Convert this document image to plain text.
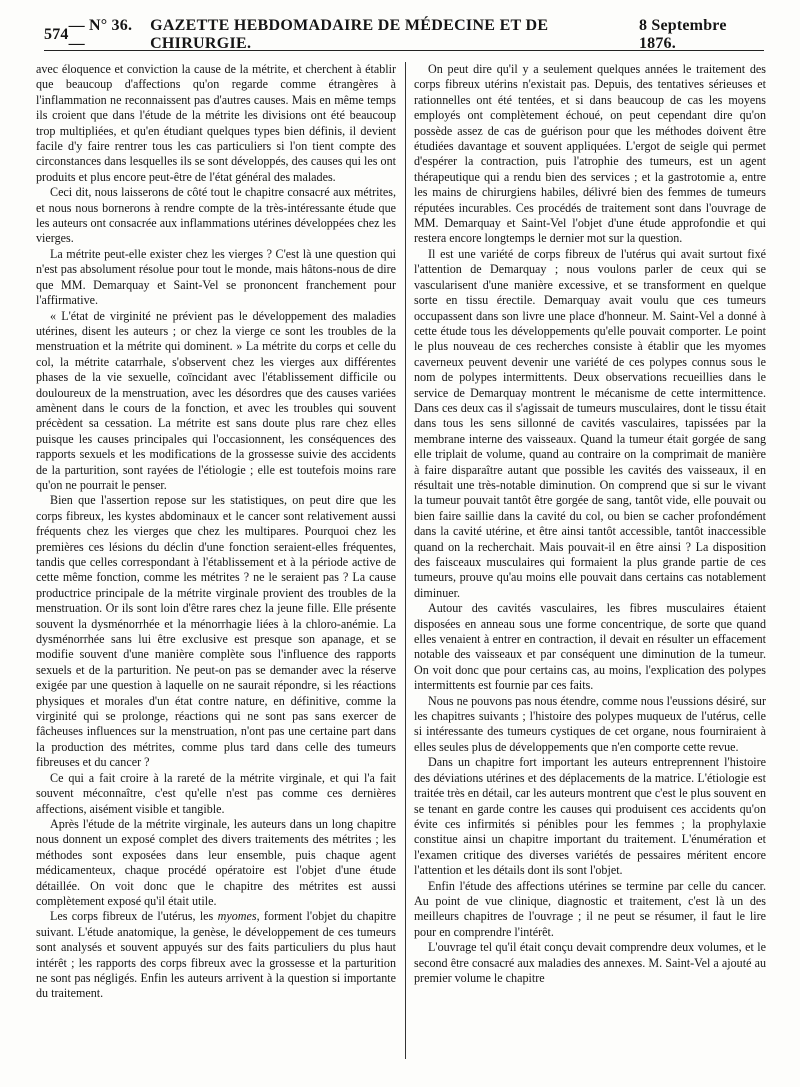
574
— N° 36. —
GAZETTE HEBDOMADAIRE DE MÉDECINE ET DE CHIRURGIE.
8 Septembre 1876.

avec éloquence et conviction la cause de la métrite, et cherchent à établir que beaucoup d'affections qu'on regarde comme étrangères à l'inflammation ne reconnaissent pas d'autres causes. Mais en même temps ils croient que dans l'étude de la métrite les divisions ont été beaucoup trop multipliées, et qu'en étudiant quelques types bien définis, il devient facile d'y faire rentrer tous les cas particuliers si l'on tient compte des circonstances dans lesquelles ils se sont développés, des causes qui les ont produits et plus encore peut-être de l'état général des malades.

Ceci dit, nous laisserons de côté tout le chapitre consacré aux métrites, et nous nous bornerons à rendre compte de la très-intéressante étude que les auteurs ont consacrée aux inflammations utérines développées chez les vierges.

La métrite peut-elle exister chez les vierges ? C'est là une question qui n'est pas absolument résolue pour tout le monde, mais hâtons-nous de dire que MM. Demarquay et Saint-Vel se prononcent franchement pour l'affirmative.

« L'état de virginité ne prévient pas le développement des maladies utérines, disent les auteurs ; or chez la vierge ce sont les troubles de la menstruation et la métrite qui dominent. » La métrite du corps et celle du col, la métrite catarrhale, s'observent chez les vierges aux différentes phases de la vie sexuelle, coïncidant avec l'établissement difficile ou douloureux de la menstruation, avec les désordres que des causes variées amènent dans le cours de la fonction, et avec les troubles qui souvent précèdent sa cessation. La métrite est sans doute plus rare chez elles puisque les causes principales qui l'occasionnent, les conséquences des rapports sexuels et les modifications de la grossesse suivie des accidents de la parturition, sont rayées de l'étiologie ; elle est toutefois moins rare qu'on ne pourrait le penser.

Bien que l'assertion repose sur les statistiques, on peut dire que les corps fibreux, les kystes abdominaux et le cancer sont relativement aussi fréquents chez les vierges que chez les multipares. Pourquoi chez les premières ces lésions du déclin d'une fonction seraient-elles fréquentes, tandis que celles correspondant à l'établissement et à la période active de cette même fonction, comme les métrites ? ne le seraient pas ? La cause productrice principale de la métrite virginale provient des troubles de la menstruation. Or ils sont loin d'être rares chez la jeune fille. Elle présente souvent la dysménorrhée et la ménorrhagie liées à la chloro-anémie. La dysménorrhée sans lui être exclusive est presque son apanage, et se modifie souvent d'une manière complète sous l'influence des rapports sexuels et de la parturition. Ne peut-on pas se demander avec la réserve exigée par une question à laquelle on ne saurait répondre, si les réactions physiques et morales d'un état contre nature, en définitive, comme la virginité qui se prolonge, réactions qui ne sont pas sans exercer de fâcheuses influences sur la menstruation, n'ont pas une certaine part dans la production des métrites, comme plus tard dans celle des tumeurs fibreuses et du cancer ?

Ce qui a fait croire à la rareté de la métrite virginale, et qui l'a fait souvent méconnaître, c'est qu'elle n'est pas comme ces dernières affections, aisément visible et tangible.

Après l'étude de la métrite virginale, les auteurs dans un long chapitre nous donnent un exposé complet des divers traitements des métrites ; les méthodes sont exposées dans leur ensemble, puis chaque agent médicamenteux, chaque procédé opératoire est l'objet d'une étude détaillée. On voit donc que le chapitre des métrites est aussi complètement exposé qu'il était utile.

Les corps fibreux de l'utérus, les myomes, forment l'objet du chapitre suivant. L'étude anatomique, la genèse, le développement de ces tumeurs sont analysés et souvent appuyés sur des faits particuliers du plus haut intérêt ; les rapports des corps fibreux avec la grossesse et la parturition ne sont pas négligés. Enfin les auteurs arrivent à la question si importante du traitement.

On peut dire qu'il y a seulement quelques années le traitement des corps fibreux utérins n'existait pas. Depuis, des tentatives sérieuses et rationnelles ont été tentées, et si dans beaucoup de cas les moyens employés ont complètement échoué, on peut cependant dire qu'on possède assez de cas de guérison pour que les méthodes doivent être étudiées davantage et souvent appliquées. L'ergot de seigle qui permet d'espérer la contraction, puis l'atrophie des tumeurs, est un agent thérapeutique qui a rendu bien des services ; et la gastrotomie a, entre les mains de chirurgiens habiles, délivré bien des femmes de tumeurs réputées incurables. Ces procédés de traitement sont dans l'ouvrage de MM. Demarquay et Saint-Vel l'objet d'une étude approfondie et qui restera encore longtemps le dernier mot sur la question.

Il est une variété de corps fibreux de l'utérus qui avait surtout fixé l'attention de Demarquay ; nous voulons parler de ceux qui se vascularisent d'une manière excessive, et se transforment en quelque sorte en tissu érectile. Demarquay avait voulu que ces tumeurs occupassent dans son livre une place d'honneur. M. Saint-Vel a donné à cette étude tous les développements qu'elle pouvait comporter. Le point le plus nouveau de ces recherches consiste à établir que les myomes caverneux peuvent devenir une variété de ces polypes connus sous le nom de polypes intermittents. Deux observations recueillies dans le service de Demarquay montrent le mécanisme de cette intermittence. Dans ces deux cas il s'agissait de tumeurs musculaires, dont le tissu était dans tous les sens sillonné de cavités vasculaires, tapissées par la membrane interne des vaisseaux. Quand la tumeur était gorgée de sang elle triplait de volume, quand au contraire on la comprimait de manière à faire disparaître autant que possible les cavités des vaisseaux, il en résultait une très-notable diminution. On comprend que si sur le vivant la tumeur pouvait tantôt être gorgée de sang, tantôt vide, elle pouvait ou bien faire saillie dans la cavité du col, ou bien se cacher profondément dans la cavité utérine, et être ainsi tantôt accessible, tantôt inaccessible quand on la recherchait. Mais pouvait-il en être ainsi ? La disposition des faisceaux musculaires qui formaient la plus grande partie de ces tumeurs, prouve qu'au moins elle pouvait dans certains cas notablement diminuer.

Autour des cavités vasculaires, les fibres musculaires étaient disposées en anneau sous une forme concentrique, de sorte que quand elles venaient à entrer en contraction, il devait en résulter un effacement notable des vaisseaux et par conséquent une diminution de la tumeur. On voit donc que pour certains cas, au moins, l'explication des polypes intermittents est fournie par ces faits.

Nous ne pouvons pas nous étendre, comme nous l'eussions désiré, sur les chapitres suivants ; l'histoire des polypes muqueux de l'utérus, celle si intéressante des tumeurs cystiques de cet organe, nous fourniraient à elles seules plus de développements que n'en comporte cette revue.

Dans un chapitre fort important les auteurs entreprennent l'histoire des déviations utérines et des déplacements de la matrice. L'étiologie est traitée très en détail, car les auteurs montrent que c'est le plus souvent en se tenant en garde contre les causes qui produisent ces accidents qu'on évite ces infirmités si pénibles pour les femmes ; la prophylaxie constitue ainsi un chapitre important du traitement. L'énumération et l'examen critique des diverses variétés de pessaires méritent encore l'attention et les détails dont ils sont l'objet.

Enfin l'étude des affections utérines se termine par celle du cancer. Au point de vue clinique, diagnostic et traitement, c'est là un des meilleurs chapitres de l'ouvrage ; il ne peut se résumer, il faut le lire pour en comprendre l'intérêt.

L'ouvrage tel qu'il était conçu devait comprendre deux volumes, et le second être consacré aux maladies des annexes. M. Saint-Vel a ajouté au premier volume le chapitre
